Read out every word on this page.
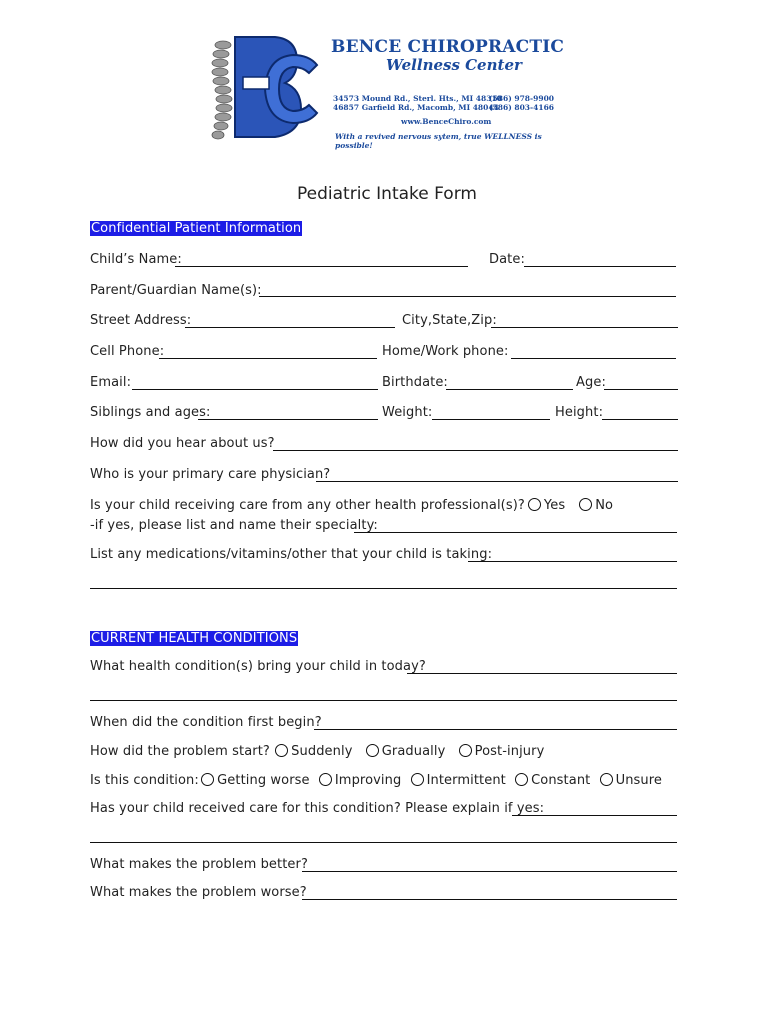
BENCE CHIROPRACTIC
Wellness Center
34573 Mound Rd., Sterl. Hts., MI 48310
(586) 978-9900
46857 Garfield Rd., Macomb, MI 48044
(586) 803-4166
www.BenceChiro.com
With a revived nervous sytem, true WELLNESS is possible!
Pediatric Intake Form
Confidential Patient Information
Child’s Name:	Date:
Parent/Guardian Name(s):
Street Address:	City,State,Zip:
Cell Phone:	Home/Work phone:
Email:	Birthdate:	Age:
Siblings and ages:	Weight:	Height:
How did you hear about us?
Who is your primary care physician?
Is your child receiving care from any other health professional(s)? Yes No
-if yes, please list and name their specialty:
List any medications/vitamins/other that your child is taking:
CURRENT HEALTH CONDITIONS
What health condition(s) bring your child in today?
When did the condition first begin?
How did the problem start? Suddenly Gradually Post-injury
Is this condition: Getting worse Improving Intermittent Constant Unsure
Has your child received care for this condition? Please explain if yes:
What makes the problem better?
What makes the problem worse?
